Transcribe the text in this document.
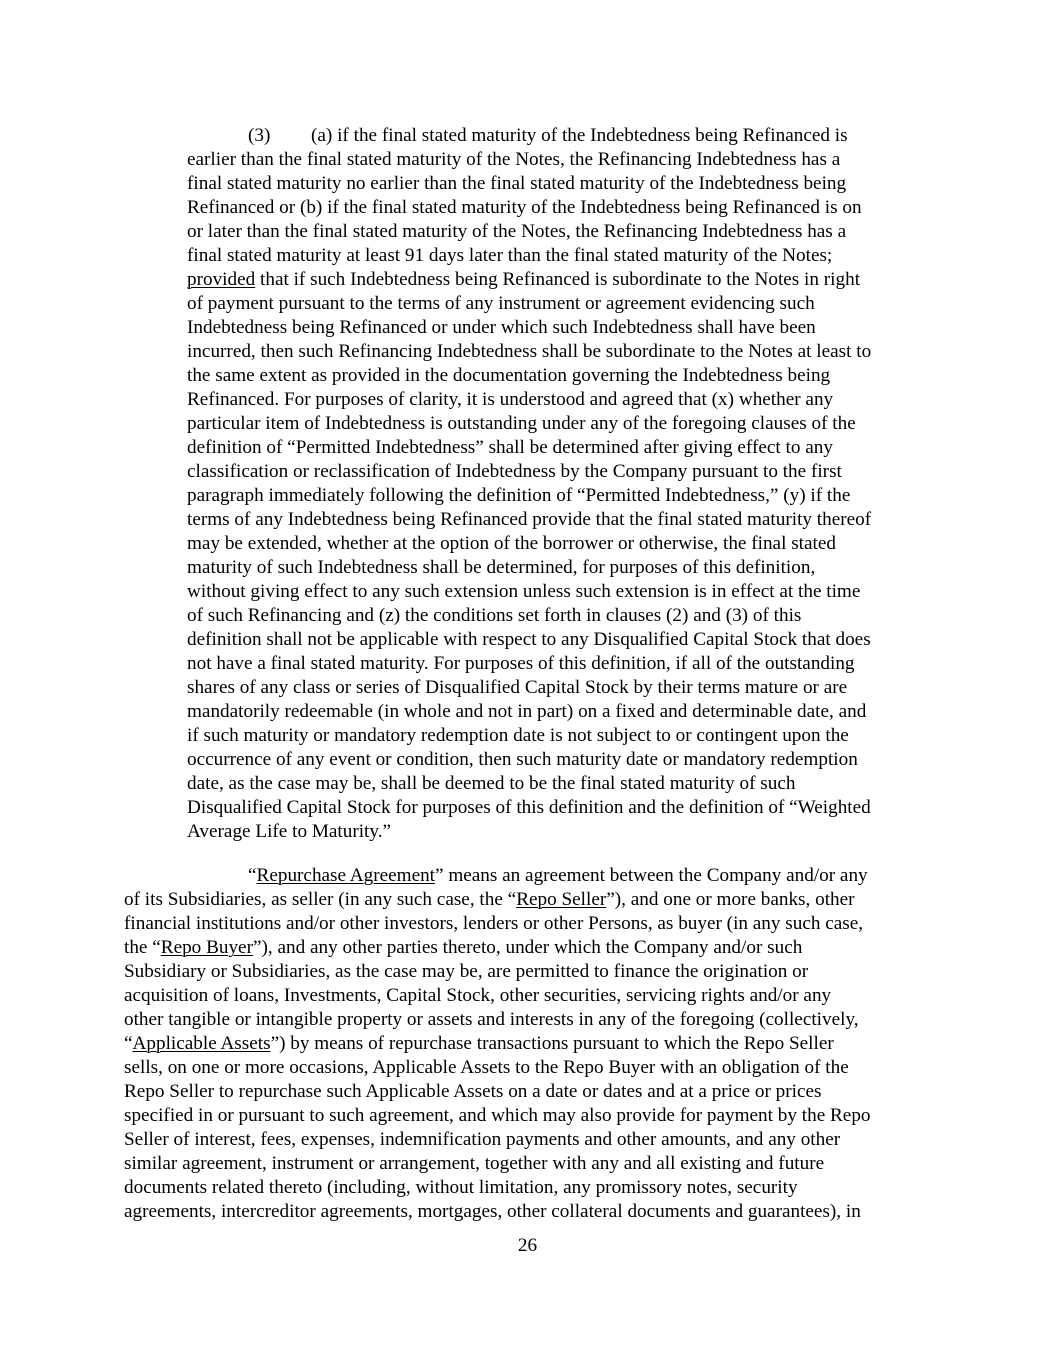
(3) (a) if the final stated maturity of the Indebtedness being Refinanced is

earlier than the final stated maturity of the Notes, the Refinancing Indebtedness has a

final stated maturity no earlier than the final stated maturity of the Indebtedness being

Refinanced or (b) if the final stated maturity of the Indebtedness being Refinanced is on

or later than the final stated maturity of the Notes, the Refinancing Indebtedness has a

final stated maturity at least 91 days later than the final stated maturity of the Notes;

provided that if such Indebtedness being Refinanced is subordinate to the Notes in right

of payment pursuant to the terms of any instrument or agreement evidencing such

Indebtedness being Refinanced or under which such Indebtedness shall have been

incurred, then such Refinancing Indebtedness shall be subordinate to the Notes at least to

the same extent as provided in the documentation governing the Indebtedness being

Refinanced. For purposes of clarity, it is understood and agreed that (x) whether any

particular item of Indebtedness is outstanding under any of the foregoing clauses of the

definition of “Permitted Indebtedness” shall be determined after giving effect to any

classification or reclassification of Indebtedness by the Company pursuant to the first

paragraph immediately following the definition of “Permitted Indebtedness,” (y) if the

terms of any Indebtedness being Refinanced provide that the final stated maturity thereof

may be extended, whether at the option of the borrower or otherwise, the final stated

maturity of such Indebtedness shall be determined, for purposes of this definition,

without giving effect to any such extension unless such extension is in effect at the time

of such Refinancing and (z) the conditions set forth in clauses (2) and (3) of this

definition shall not be applicable with respect to any Disqualified Capital Stock that does

not have a final stated maturity. For purposes of this definition, if all of the outstanding

shares of any class or series of Disqualified Capital Stock by their terms mature or are

mandatorily redeemable (in whole and not in part) on a fixed and determinable date, and

if such maturity or mandatory redemption date is not subject to or contingent upon the

occurrence of any event or condition, then such maturity date or mandatory redemption

date, as the case may be, shall be deemed to be the final stated maturity of such

Disqualified Capital Stock for purposes of this definition and the definition of “Weighted

Average Life to Maturity.”

“Repurchase Agreement” means an agreement between the Company and/or any

of its Subsidiaries, as seller (in any such case, the “Repo Seller”), and one or more banks, other

financial institutions and/or other investors, lenders or other Persons, as buyer (in any such case,

the “Repo Buyer”), and any other parties thereto, under which the Company and/or such

Subsidiary or Subsidiaries, as the case may be, are permitted to finance the origination or

acquisition of loans, Investments, Capital Stock, other securities, servicing rights and/or any

other tangible or intangible property or assets and interests in any of the foregoing (collectively,

“Applicable Assets”) by means of repurchase transactions pursuant to which the Repo Seller

sells, on one or more occasions, Applicable Assets to the Repo Buyer with an obligation of the

Repo Seller to repurchase such Applicable Assets on a date or dates and at a price or prices

specified in or pursuant to such agreement, and which may also provide for payment by the Repo

Seller of interest, fees, expenses, indemnification payments and other amounts, and any other

similar agreement, instrument or arrangement, together with any and all existing and future

documents related thereto (including, without limitation, any promissory notes, security

agreements, intercreditor agreements, mortgages, other collateral documents and guarantees), in

26
